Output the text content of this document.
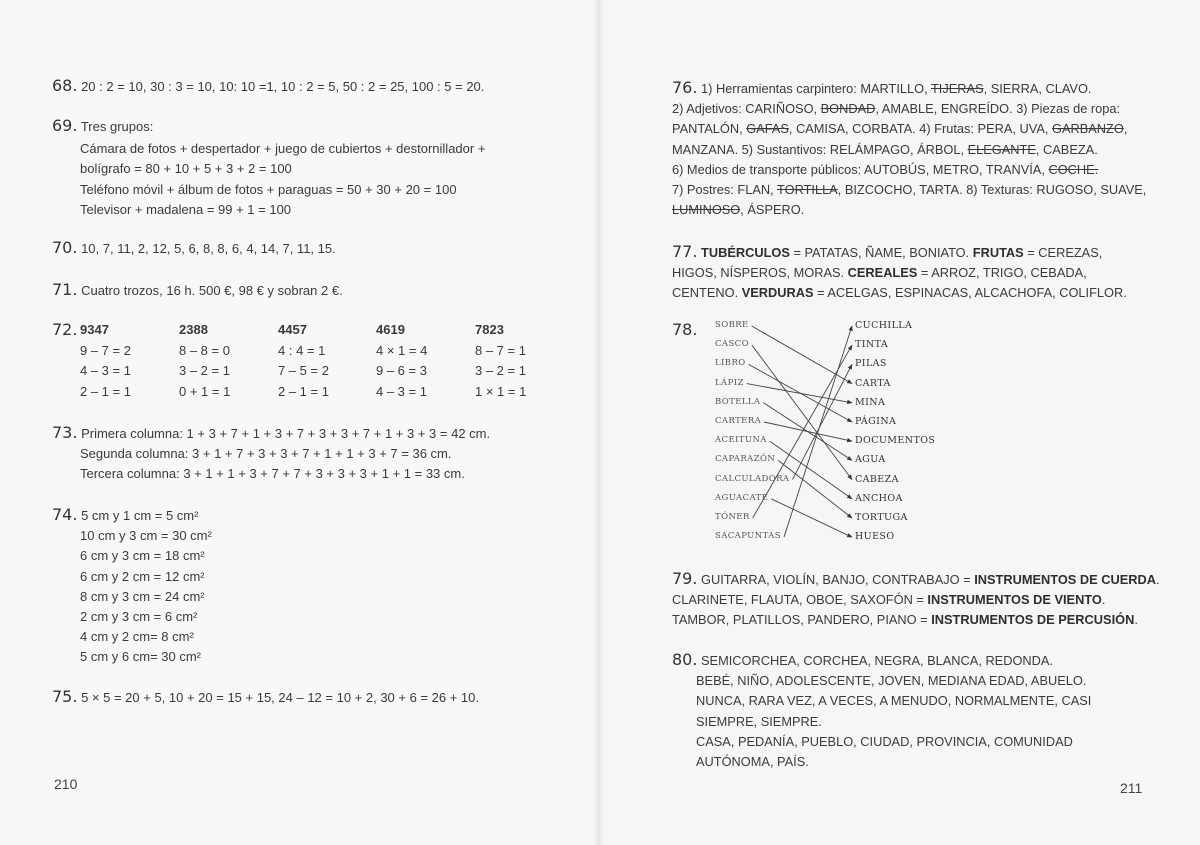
68. 20 : 2 = 10, 30 : 3 = 10, 10: 10 =1, 10 : 2 = 5, 50 : 2 = 25, 100 : 5 = 20.
69. Tres grupos:
Cámara de fotos + despertador + juego de cubiertos + destornillador +
bolígrafo = 80 + 10 + 5 + 3 + 2 = 100
Teléfono móvil + álbum de fotos + paraguas = 50 + 30 + 20 = 100
Televisor + madalena = 99 + 1 = 100
70. 10, 7, 11, 2, 12, 5, 6, 8, 8, 6, 4, 14, 7, 11, 15.
71. Cuatro trozos, 16 h. 500 €, 98 € y sobran 2 €.
72. 9347
9 – 7 = 2
4 – 3 = 1
2 – 1 = 1
2388
8 – 8 = 0
3 – 2 = 1
0 + 1 = 1
4457
4 : 4 = 1
7 – 5 = 2
2 – 1 = 1
4619
4 × 1 = 4
9 – 6 = 3
4 – 3 = 1
7823
8 – 7 = 1
3 – 2 = 1
1 × 1 = 1
73. Primera columna: 1 + 3 + 7 + 1 + 3 + 7 + 3 + 3 + 7 + 1 + 3 + 3 = 42 cm.
Segunda columna: 3 + 1 + 7 + 3 + 3 + 7 + 1 + 1 + 3 + 7 = 36 cm.
Tercera columna: 3 + 1 + 1 + 3 + 7 + 7 + 3 + 3 + 3 + 1 + 1 = 33 cm.
74. 5 cm y 1 cm = 5 cm²
10 cm y 3 cm = 30 cm²
6 cm y 3 cm = 18 cm²
6 cm y 2 cm = 12 cm²
8 cm y 3 cm = 24 cm²
2 cm y 3 cm = 6 cm²
4 cm y 2 cm= 8 cm²
5 cm y 6 cm= 30 cm²
75. 5 × 5 = 20 + 5, 10 + 20 = 15 + 15, 24 – 12 = 10 + 2, 30 + 6 = 26 + 10.
210
76. 1) Herramientas carpintero: MARTILLO, TIJERAS, SIERRA, CLAVO.
2) Adjetivos: CARIÑOSO, BONDAD, AMABLE, ENGREÍDO. 3) Piezas de ropa:
PANTALÓN, GAFAS, CAMISA, CORBATA. 4) Frutas: PERA, UVA, GARBANZO,
MANZANA. 5) Sustantivos: RELÁMPAGO, ÁRBOL, ELEGANTE, CABEZA.
6) Medios de transporte públicos: AUTOBÚS, METRO, TRANVÍA, COCHE.
7) Postres: FLAN, TORTILLA, BIZCOCHO, TARTA. 8) Texturas: RUGOSO, SUAVE,
LUMINOSO, ÁSPERO.
77. TUBÉRCULOS = PATATAS, ÑAME, BONIATO. FRUTAS = CEREZAS,
HIGOS, NÍSPEROS, MORAS. CEREALES = ARROZ, TRIGO, CEBADA,
CENTENO. VERDURAS = ACELGAS, ESPINACAS, ALCACHOFA, COLIFLOR.
78. SOBRE
CASCO
LIBRO
LÁPIZ
BOTELLA
CARTERA
ACEITUNA
CAPARAZÓN
CALCULADORA
AGUACATE
TÓNER
SACAPUNTAS
CUCHILLA
TINTA
PILAS
CARTA
MINA
PÁGINA
DOCUMENTOS
AGUA
CABEZA
ANCHOA
TORTUGA
HUESO
79. GUITARRA, VIOLÍN, BANJO, CONTRABAJO = INSTRUMENTOS DE CUERDA.
CLARINETE, FLAUTA, OBOE, SAXOFÓN = INSTRUMENTOS DE VIENTO.
TAMBOR, PLATILLOS, PANDERO, PIANO = INSTRUMENTOS DE PERCUSIÓN.
80. SEMICORCHEA, CORCHEA, NEGRA, BLANCA, REDONDA.
BEBÉ, NIÑO, ADOLESCENTE, JOVEN, MEDIANA EDAD, ABUELO.
NUNCA, RARA VEZ, A VECES, A MENUDO, NORMALMENTE, CASI
SIEMPRE, SIEMPRE.
CASA, PEDANÍA, PUEBLO, CIUDAD, PROVINCIA, COMUNIDAD
AUTÓNOMA, PAÍS.
211
